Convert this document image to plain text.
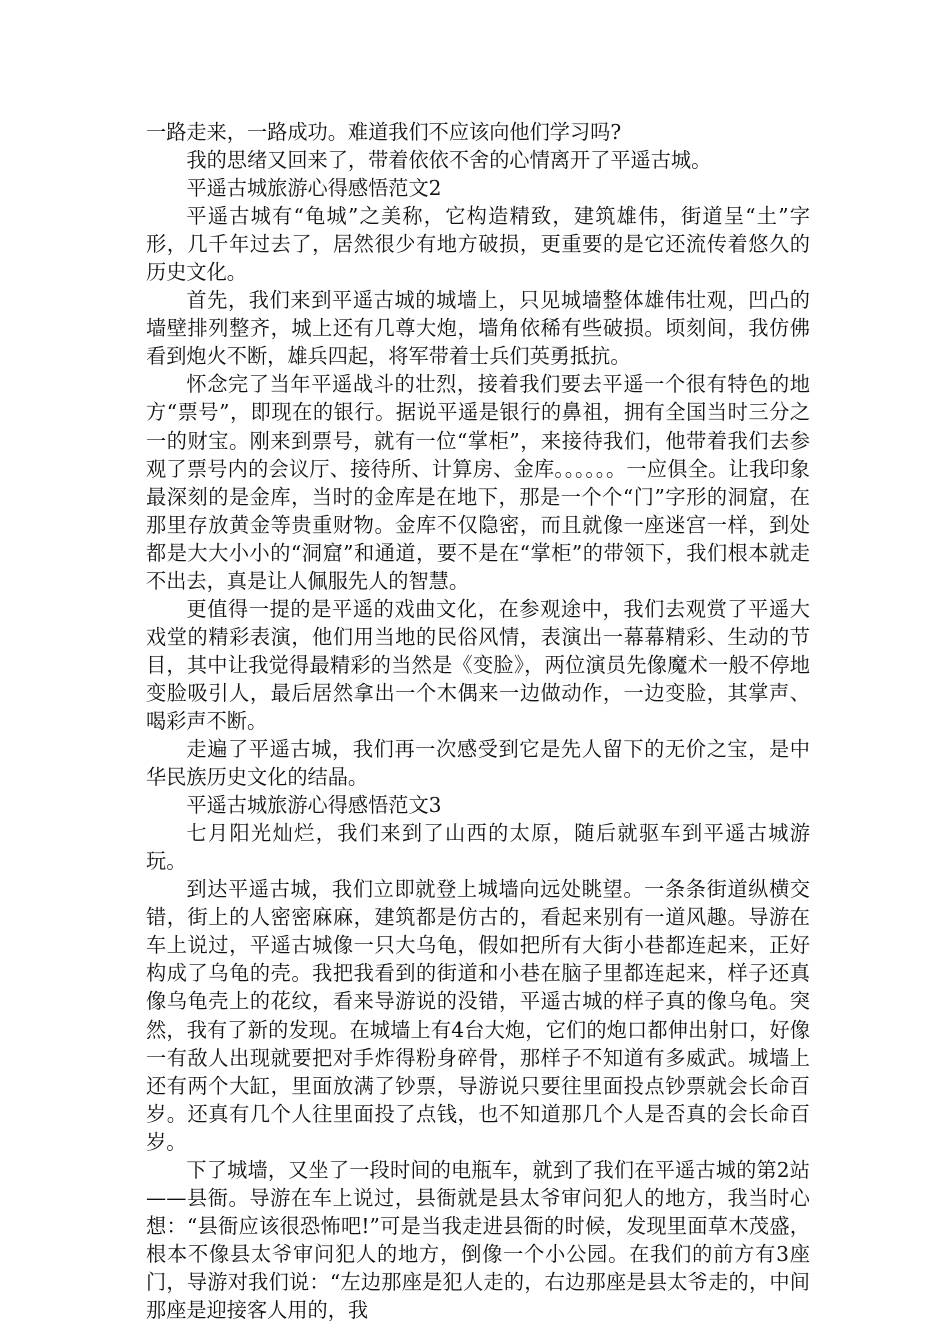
一路走来，一路成功。难道我们不应该向他们学习吗?

我的思绪又回来了，带着依依不舍的心情离开了平遥古城。

平遥古城旅游心得感悟范文2

平遥古城有“龟城”之美称，它构造精致，建筑雄伟，街道呈“土”字形，几千年过去了，居然很少有地方破损，更重要的是它还流传着悠久的历史文化。

首先，我们来到平遥古城的城墙上，只见城墙整体雄伟壮观，凹凸的墙壁排列整齐，城上还有几尊大炮，墙角依稀有些破损。顷刻间，我仿佛看到炮火不断，雄兵四起，将军带着士兵们英勇抵抗。

怀念完了当年平遥战斗的壮烈，接着我们要去平遥一个很有特色的地方“票号”，即现在的银行。据说平遥是银行的鼻祖，拥有全国当时三分之一的财宝。刚来到票号，就有一位“掌柜”，来接待我们，他带着我们去参观了票号内的会议厅、接待所、计算房、金库。。。。。。一应俱全。让我印象最深刻的是金库，当时的金库是在地下，那是一个个“门”字形的洞窟，在那里存放黄金等贵重财物。金库不仅隐密，而且就像一座迷宫一样，到处都是大大小小的“洞窟”和通道，要不是在“掌柜”的带领下，我们根本就走不出去，真是让人佩服先人的智慧。

更值得一提的是平遥的戏曲文化，在参观途中，我们去观赏了平遥大戏堂的精彩表演，他们用当地的民俗风情，表演出一幕幕精彩、生动的节目，其中让我觉得最精彩的当然是《变脸》，两位演员先像魔术一般不停地变脸吸引人，最后居然拿出一个木偶来一边做动作，一边变脸，其掌声、喝彩声不断。

走遍了平遥古城，我们再一次感受到它是先人留下的无价之宝，是中华民族历史文化的结晶。

平遥古城旅游心得感悟范文3

七月阳光灿烂，我们来到了山西的太原，随后就驱车到平遥古城游玩。

到达平遥古城，我们立即就登上城墙向远处眺望。一条条街道纵横交错，街上的人密密麻麻，建筑都是仿古的，看起来别有一道风趣。导游在车上说过，平遥古城像一只大乌龟，假如把所有大街小巷都连起来，正好构成了乌龟的壳。我把我看到的街道和小巷在脑子里都连起来，样子还真像乌龟壳上的花纹，看来导游说的没错，平遥古城的样子真的像乌龟。突然，我有了新的发现。在城墙上有4台大炮，它们的炮口都伸出射口，好像一有敌人出现就要把对手炸得粉身碎骨，那样子不知道有多威武。城墙上还有两个大缸，里面放满了钞票，导游说只要往里面投点钞票就会长命百岁。还真有几个人往里面投了点钱，也不知道那几个人是否真的会长命百岁。

下了城墙，又坐了一段时间的电瓶车，就到了我们在平遥古城的第2站——县衙。导游在车上说过，县衙就是县太爷审问犯人的地方，我当时心想：“县衙应该很恐怖吧!”可是当我走进县衙的时候，发现里面草木茂盛，根本不像县太爷审问犯人的地方，倒像一个小公园。在我们的前方有3座门，导游对我们说：“左边那座是犯人走的，右边那座是县太爷走的，中间那座是迎接客人用的，我
